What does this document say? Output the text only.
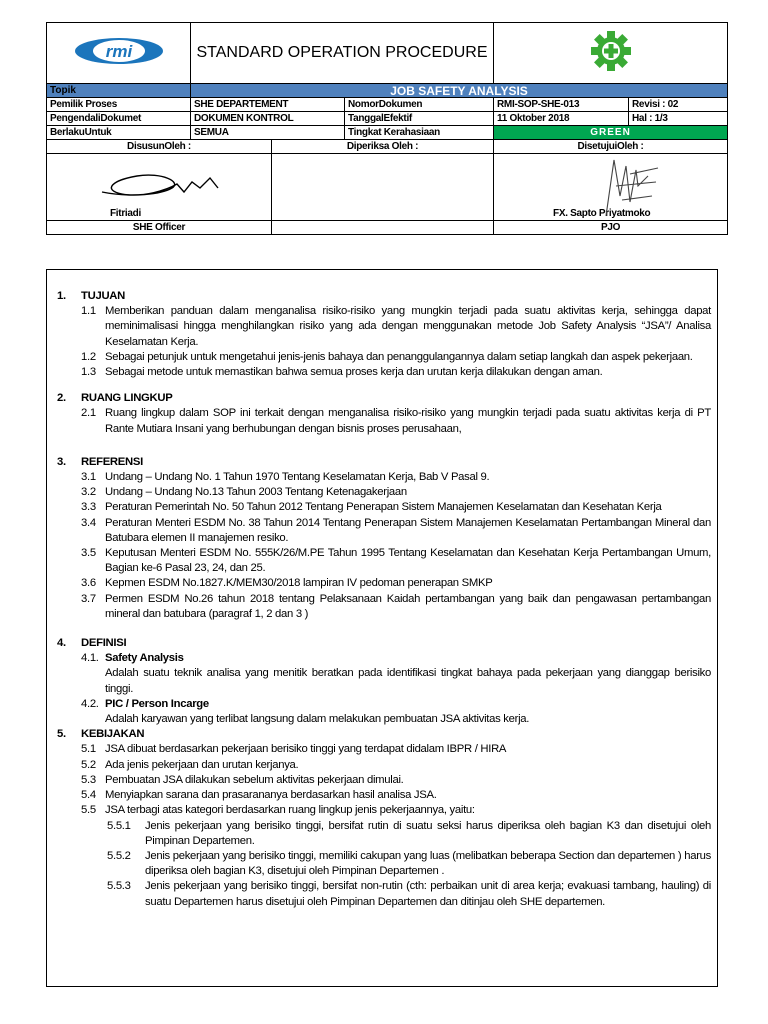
rmi	STANDARD OPERATION PROCEDURE	
Topik	JOB SAFETY ANALYSIS				
Pemilik Proses	SHE DEPARTEMENT		NomorDokumen	RMI-SOP-SHE-013	Revisi : 02
PengendaliDokumet	DOKUMEN KONTROL		TanggalEfektif	11 Oktober 2018	Hal : 1/3
BerlakuUntuk	SEMUA		Tingkat Kerahasiaan	GREEN	
DisusunOleh :		Diperiksa Oleh :		DisetujuiOleh :	

Fitriadi				FX. Sapto Priyatmoko	

SHE Officer				PJO	
1.	TUJUAN
1.1 Memberikan panduan dalam menganalisa risiko-risiko yang mungkin terjadi pada suatu aktivitas kerja, sehingga dapat meminimalisasi hingga menghilangkan risiko yang ada dengan menggunakan metode Job Safety Analysis “JSA”/ Analisa Keselamatan Kerja.
1.2 Sebagai petunjuk untuk mengetahui jenis-jenis bahaya dan penanggulangannya dalam setiap langkah dan aspek pekerjaan.
1.3 Sebagai metode untuk memastikan bahwa semua proses kerja dan urutan kerja dilakukan dengan aman.
2.	RUANG LINGKUP
2.1 Ruang lingkup dalam SOP ini terkait dengan menganalisa risiko-risiko yang mungkin terjadi pada suatu aktivitas kerja di PT Rante Mutiara Insani yang berhubungan dengan bisnis proses perusahaan,
3.	REFERENSI
3.1 Undang – Undang No. 1 Tahun 1970 Tentang Keselamatan Kerja, Bab V Pasal 9.
3.2 Undang – Undang No.13 Tahun 2003 Tentang Ketenagakerjaan
3.3 Peraturan Pemerintah No. 50 Tahun 2012 Tentang Penerapan Sistem Manajemen Keselamatan dan Kesehatan Kerja
3.4 Peraturan Menteri ESDM No. 38 Tahun 2014 Tentang Penerapan Sistem Manajemen Keselamatan Pertambangan Mineral dan Batubara elemen II manajemen resiko.
3.5 Keputusan Menteri ESDM No. 555K/26/M.PE Tahun 1995 Tentang Keselamatan dan Kesehatan Kerja Pertambangan Umum, Bagian ke-6 Pasal 23, 24, dan 25.
3.6 Kepmen ESDM No.1827.K/MEM30/2018 lampiran IV pedoman penerapan SMKP
3.7 Permen ESDM No.26 tahun 2018 tentang Pelaksanaan Kaidah pertambangan yang baik dan pengawasan pertambangan mineral dan batubara (paragraf 1, 2 dan 3 )
4.	DEFINISI
4.1. Safety Analysis
Adalah suatu teknik analisa yang menitik beratkan pada identifikasi tingkat bahaya pada pekerjaan yang dianggap berisiko tinggi.
4.2. PIC / Person Incarge
Adalah karyawan yang terlibat langsung dalam melakukan pembuatan JSA aktivitas kerja.
5.	KEBIJAKAN
5.1 JSA dibuat berdasarkan pekerjaan berisiko tinggi yang terdapat didalam IBPR / HIRA
5.2 Ada jenis pekerjaan dan urutan kerjanya.
5.3 Pembuatan JSA dilakukan sebelum aktivitas pekerjaan dimulai.
5.4 Menyiapkan sarana dan prasarananya berdasarkan hasil analisa JSA.
5.5 JSA terbagi atas kategori berdasarkan ruang lingkup jenis pekerjaannya, yaitu:
5.5.1	Jenis pekerjaan yang berisiko tinggi, bersifat rutin di suatu seksi harus diperiksa oleh bagian K3 dan disetujui oleh Pimpinan Departemen.
5.5.2	Jenis pekerjaan yang berisiko tinggi, memiliki cakupan yang luas (melibatkan beberapa Section dan departemen ) harus diperiksa oleh bagian K3, disetujui oleh Pimpinan Departemen .
5.5.3	Jenis pekerjaan yang berisiko tinggi, bersifat non-rutin (cth: perbaikan unit di area kerja; evakuasi tambang, hauling) di suatu Departemen harus disetujui oleh Pimpinan Departemen dan ditinjau oleh SHE departemen.
